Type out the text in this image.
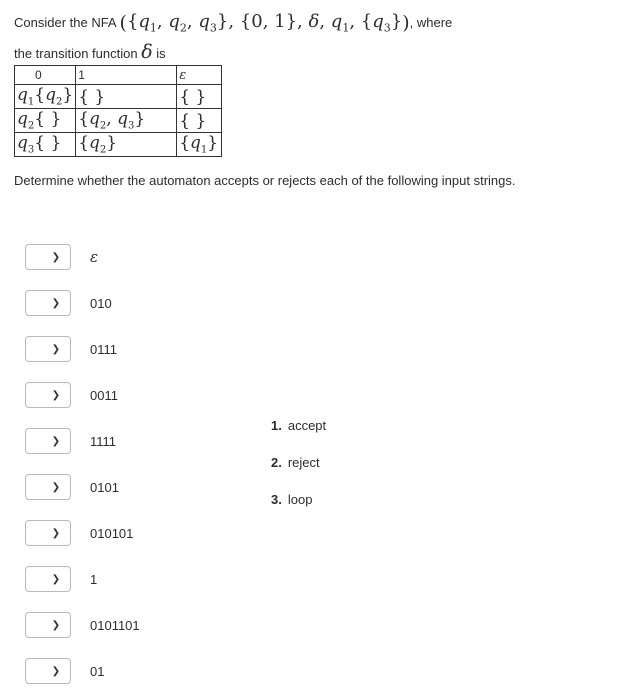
Consider the NFA ({$q_1$, $q_2$, $q_3$}, {0, 1}, δ, $q_1$, $\{q_3\}$), where
the transition function δ is
0	1	ε
$q_1\{q_2\}$	{ }	{ }
$q_2${ }	{$q_2$, $q_3$}	{ }
$q_3${ }	$\{q_2\}$	$\{q_1\}$
Determine whether the automaton accepts or rejects each of the following input strings.
❯ ε
❯ 010
❯ 0111
❯ 0011
❯ 1111
❯ 0101
❯ 010101
❯ 1
❯ 0101101
❯ 01
1. accept
2. reject
3. loop
